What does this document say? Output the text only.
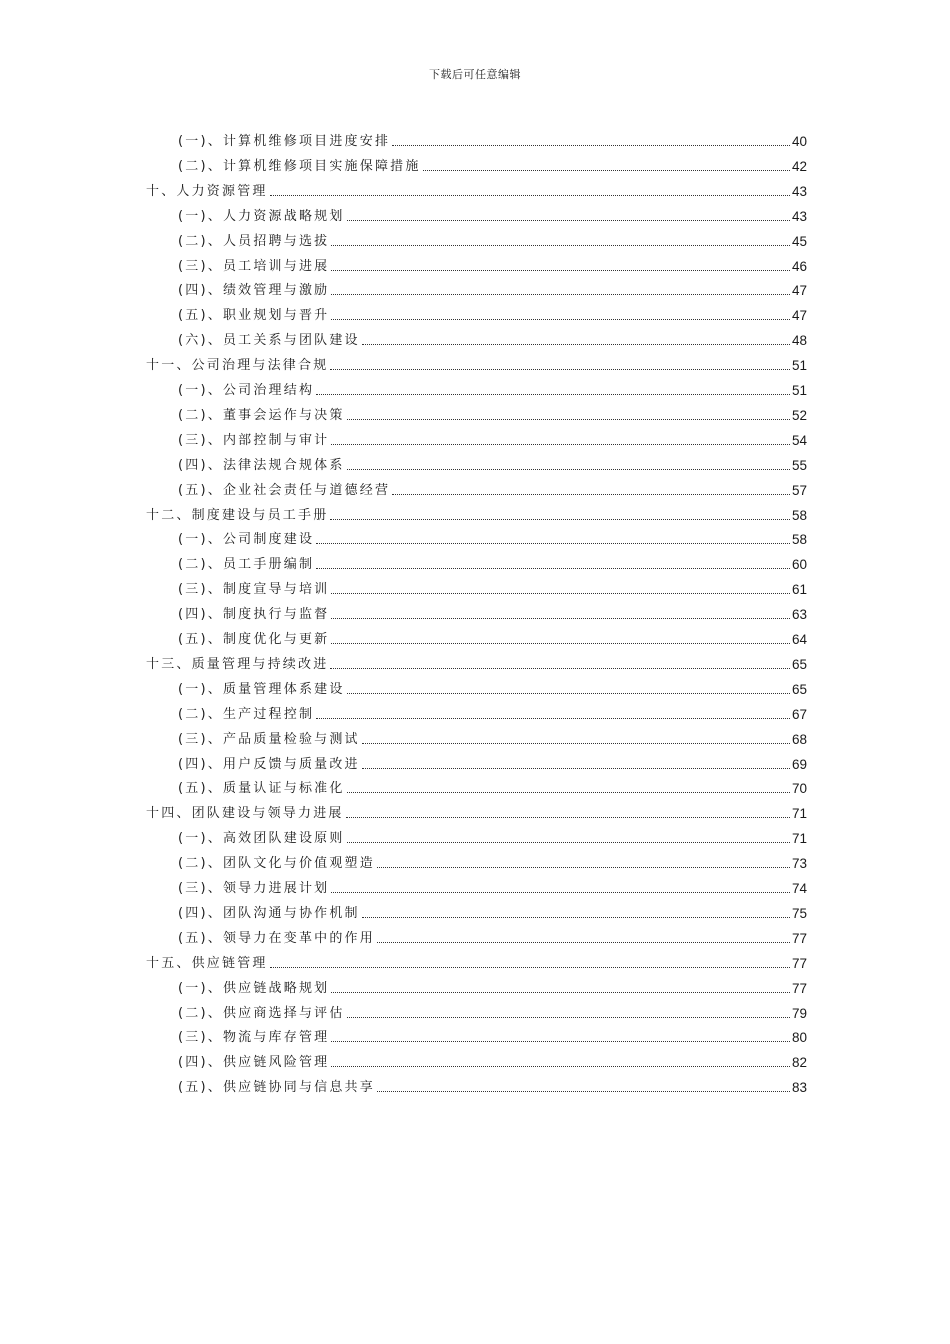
下载后可任意编辑
(一)、计算机维修项目进度安排	40
(二)、计算机维修项目实施保障措施	42
十、人力资源管理	43
(一)、人力资源战略规划	43
(二)、人员招聘与选拔	45
(三)、员工培训与进展	46
(四)、绩效管理与激励	47
(五)、职业规划与晋升	47
(六)、员工关系与团队建设	48
十一、公司治理与法律合规	51
(一)、公司治理结构	51
(二)、董事会运作与决策	52
(三)、内部控制与审计	54
(四)、法律法规合规体系	55
(五)、企业社会责任与道德经营	57
十二、制度建设与员工手册	58
(一)、公司制度建设	58
(二)、员工手册编制	60
(三)、制度宣导与培训	61
(四)、制度执行与监督	63
(五)、制度优化与更新	64
十三、质量管理与持续改进	65
(一)、质量管理体系建设	65
(二)、生产过程控制	67
(三)、产品质量检验与测试	68
(四)、用户反馈与质量改进	69
(五)、质量认证与标准化	70
十四、团队建设与领导力进展	71
(一)、高效团队建设原则	71
(二)、团队文化与价值观塑造	73
(三)、领导力进展计划	74
(四)、团队沟通与协作机制	75
(五)、领导力在变革中的作用	77
十五、供应链管理	77
(一)、供应链战略规划	77
(二)、供应商选择与评估	79
(三)、物流与库存管理	80
(四)、供应链风险管理	82
(五)、供应链协同与信息共享	83
